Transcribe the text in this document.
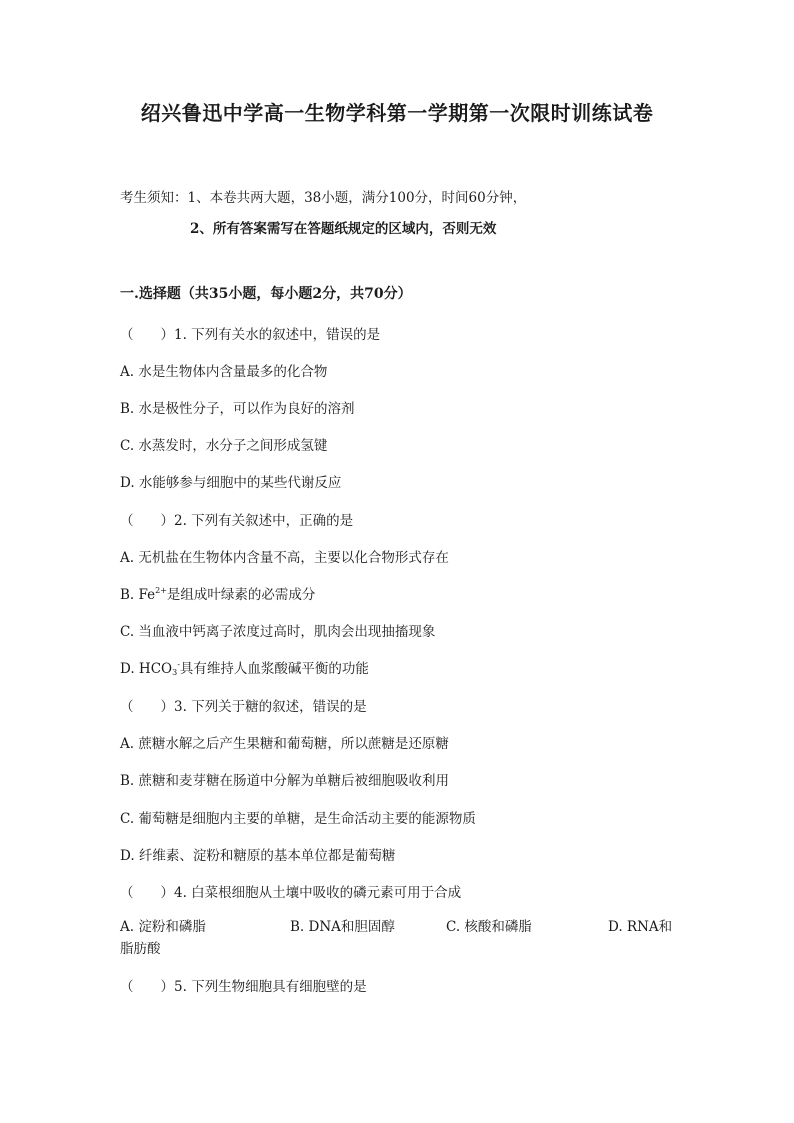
绍兴鲁迅中学高一生物学科第一学期第一次限时训练试卷
考生须知：1、本卷共两大题，38小题，满分100分，时间60分钟，
2、所有答案需写在答题纸规定的区域内，否则无效
一.选择题（共35小题，每小题2分，共70分）
（　　）1. 下列有关水的叙述中，错误的是
A. 水是生物体内含量最多的化合物
B. 水是极性分子，可以作为良好的溶剂
C. 水蒸发时，水分子之间形成氢键
D. 水能够参与细胞中的某些代谢反应
（　　）2. 下列有关叙述中，正确的是
A. 无机盐在生物体内含量不高，主要以化合物形式存在
B. $Fe^{2+}$是组成叶绿素的必需成分
C. 当血液中钙离子浓度过高时，肌肉会出现抽搐现象
D. $HCO_3^-$具有维持人血浆酸碱平衡的功能
（　　）3. 下列关于糖的叙述，错误的是
A. 蔗糖水解之后产生果糖和葡萄糖，所以蔗糖是还原糖
B. 蔗糖和麦芽糖在肠道中分解为单糖后被细胞吸收利用
C. 葡萄糖是细胞内主要的单糖，是生命活动主要的能源物质
D. 纤维素、淀粉和糖原的基本单位都是葡萄糖
（　　）4. 白菜根细胞从土壤中吸收的磷元素可用于合成
A. 淀粉和磷脂	B. DNA和胆固醇	C. 核酸和磷脂	D. RNA和
脂肪酸
（　　）5. 下列生物细胞具有细胞壁的是
